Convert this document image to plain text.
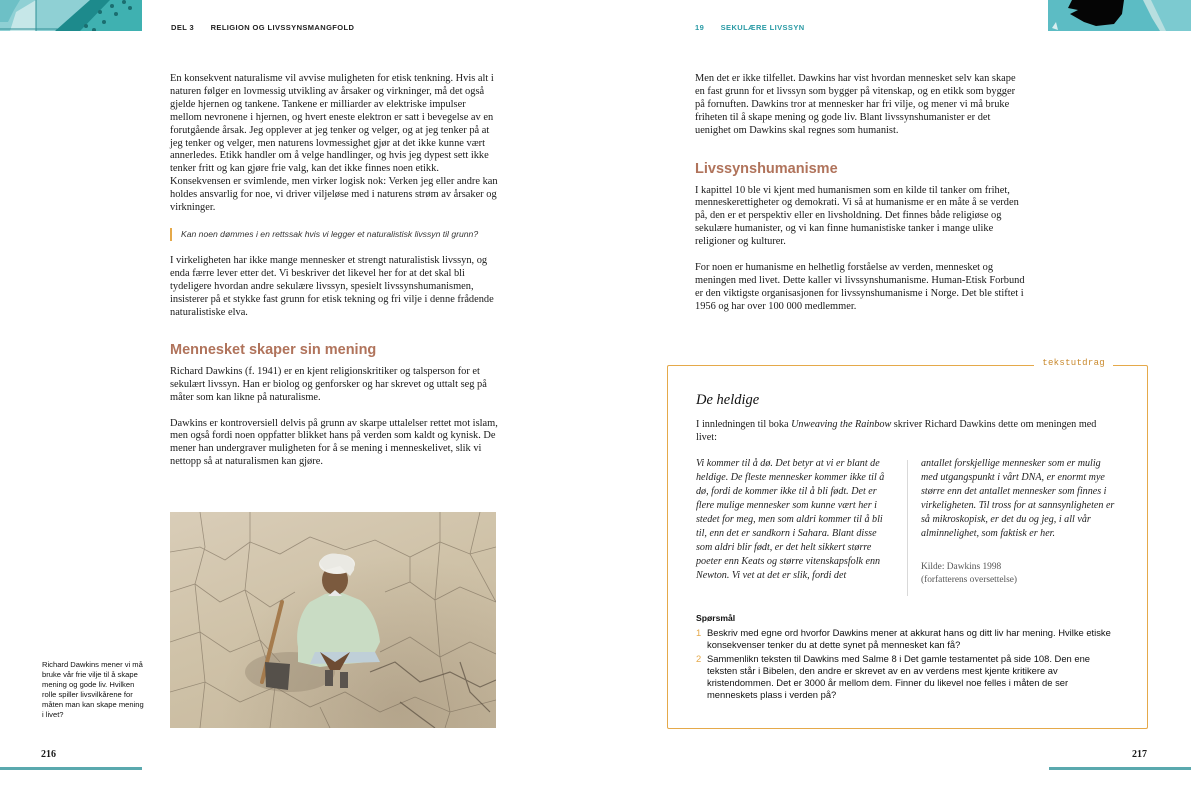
DEL 3 RELIGION OG LIVSSYNSMANGFOLD	19 SEKULÆRE LIVSSYN

En konsekvent naturalisme vil avvise muligheten for etisk tenkning. Hvis alt i naturen følger en lovmessig utvikling av årsaker og virkninger, må det også gjelde hjernen og tankene. Tankene er milliarder av elektriske impulser mellom nevronene i hjernen, og hvert eneste elektron er satt i bevegelse av en forutgående årsak. Jeg opplever at jeg tenker og velger, og at jeg tenker på at jeg tenker og velger, men naturens lovmessighet gjør at det ikke kunne vært annerledes. Etikk handler om å velge handlinger, og hvis jeg dypest sett ikke tenker fritt og kan gjøre frie valg, kan det ikke finnes noen etikk. Konsekvensen er svimlende, men virker logisk nok: Verken jeg eller andre kan holdes ansvarlig for noe, vi driver viljeløse med i naturens strøm av årsaker og virkninger.

Kan noen dømmes i en rettssak hvis vi legger et naturalistisk livssyn til grunn?

I virkeligheten har ikke mange mennesker et strengt naturalistisk livssyn, og enda færre lever etter det. Vi beskriver det likevel her for at det skal bli tydeligere hvordan andre sekulære livssyn, spesielt livssynshumanismen, insisterer på et stykke fast grunn for etisk tekning og fri vilje i denne frådende naturalistiske elva.

Mennesket skaper sin mening

Richard Dawkins (f. 1941) er en kjent religionskritiker og talsperson for et sekulært livssyn. Han er biolog og genforsker og har skrevet og uttalt seg på måter som kan likne på naturalisme.

Dawkins er kontroversiell delvis på grunn av skarpe uttalelser rettet mot islam, men også fordi noen oppfatter blikket hans på verden som kaldt og kynisk. De mener han undergraver muligheten for å se mening i menneskelivet, slik vi nettopp så at naturalismen kan gjøre.

Richard Dawkins mener vi må bruke vår frie vilje til å skape mening og gode liv. Hvilken rolle spiller livsvilkårene for måten man kan skape mening i livet?
216	217

Men det er ikke tilfellet. Dawkins har vist hvordan mennesket selv kan skape en fast grunn for et livssyn som bygger på vitenskap, og en etikk som bygger på fornuften. Dawkins tror at mennesker har fri vilje, og mener vi må bruke friheten til å skape mening og gode liv. Blant livssynshumanister er det uenighet om Dawkins skal regnes som humanist.

Livssynshumanisme

I kapittel 10 ble vi kjent med humanismen som en kilde til tanker om frihet, menneskerettigheter og demokrati. Vi så at humanisme er en måte å se verden på, den er et perspektiv eller en livsholdning. Det finnes både religiøse og sekulære humanister, og vi kan finne humanistiske tanker i mange ulike religioner og kulturer.

For noen er humanisme en helhetlig forståelse av verden, mennesket og meningen med livet. Dette kaller vi livssynshumanisme. Human-Etisk Forbund er den viktigste organisasjonen for livssynshumanisme i Norge. Det ble stiftet i 1956 og har over 100 000 medlemmer.

tekstutdrag
De heldige
I innledningen til boka Unweaving the Rainbow skriver Richard Dawkins dette om meningen med livet:
Vi kommer til å dø. Det betyr at vi er blant de heldige. De fleste mennesker kommer ikke til å dø, fordi de kommer ikke til å bli født. Det er flere mulige mennesker som kunne vært her i stedet for meg, men som aldri kommer til å bli til, enn det er sandkorn i Sahara. Blant disse som aldri blir født, er det helt sikkert større poeter enn Keats og større vitenskapsfolk enn Newton. Vi vet at det er slik, fordi det
antallet forskjellige mennesker som er mulig med utgangspunkt i vårt DNA, er enormt mye større enn det antallet mennesker som finnes i virkeligheten. Til tross for at sannsynligheten er så mikroskopisk, er det du og jeg, i all vår alminnelighet, som faktisk er her.
Kilde: Dawkins 1998
(forfatterens oversettelse)
Spørsmål
1 Beskriv med egne ord hvorfor Dawkins mener at akkurat hans og ditt liv har mening. Hvilke etiske konsekvenser tenker du at dette synet på mennesket kan få?
2 Sammenlikn teksten til Dawkins med Salme 8 i Det gamle testamentet på side 108. Den ene teksten står i Bibelen, den andre er skrevet av en av verdens mest kjente kritikere av kristendommen. Det er 3000 år mellom dem. Finner du likevel noe felles i måten de ser menneskets plass i verden på?
